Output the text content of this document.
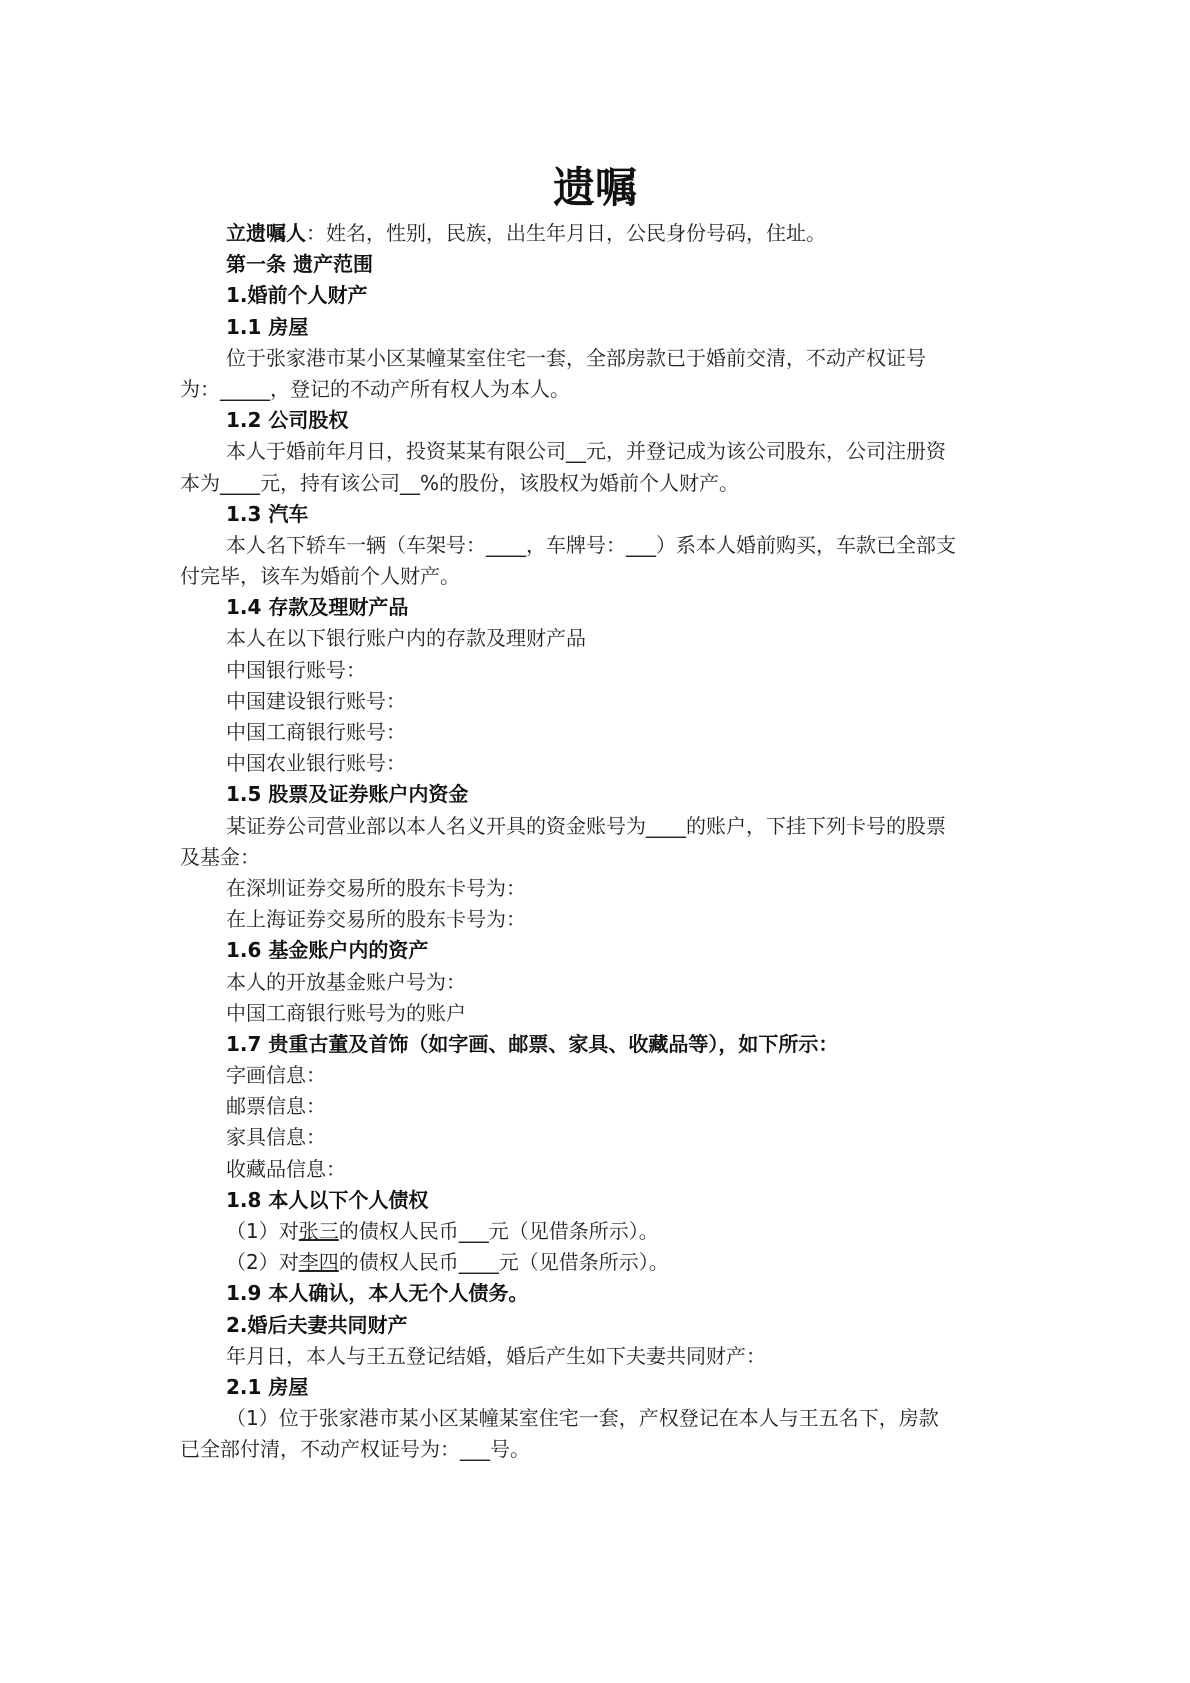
遗嘱

立遗嘱人：姓名，性别，民族，出生年月日，公民身份号码，住址。

第一条 遗产范围

1.婚前个人财产

1.1 房屋

位于张家港市某小区某幢某室住宅一套，全部房款已于婚前交清，不动产权证号
为：_____，登记的不动产所有权人为本人。

1.2 公司股权

本人于婚前年月日，投资某某有限公司__元，并登记成为该公司股东，公司注册资
本为____元，持有该公司__%的股份，该股权为婚前个人财产。

1.3 汽车

本人名下轿车一辆（车架号：____，车牌号：___）系本人婚前购买，车款已全部支
付完毕，该车为婚前个人财产。

1.4 存款及理财产品

本人在以下银行账户内的存款及理财产品

中国银行账号：

中国建设银行账号：

中国工商银行账号：

中国农业银行账号：

1.5 股票及证券账户内资金

某证券公司营业部以本人名义开具的资金账号为____的账户，下挂下列卡号的股票
及基金：

在深圳证券交易所的股东卡号为：

在上海证券交易所的股东卡号为：

1.6 基金账户内的资产

本人的开放基金账户号为：

中国工商银行账号为的账户

1.7 贵重古董及首饰（如字画、邮票、家具、收藏品等），如下所示：

字画信息：

邮票信息：

家具信息：

收藏品信息：

1.8 本人以下个人债权

（1）对张三的债权人民币___元（见借条所示）。

（2）对李四的债权人民币____元（见借条所示）。

1.9 本人确认，本人无个人债务。

2.婚后夫妻共同财产

年月日，本人与王五登记结婚，婚后产生如下夫妻共同财产：

2.1 房屋

（1）位于张家港市某小区某幢某室住宅一套，产权登记在本人与王五名下，房款
已全部付清，不动产权证号为：___号。
